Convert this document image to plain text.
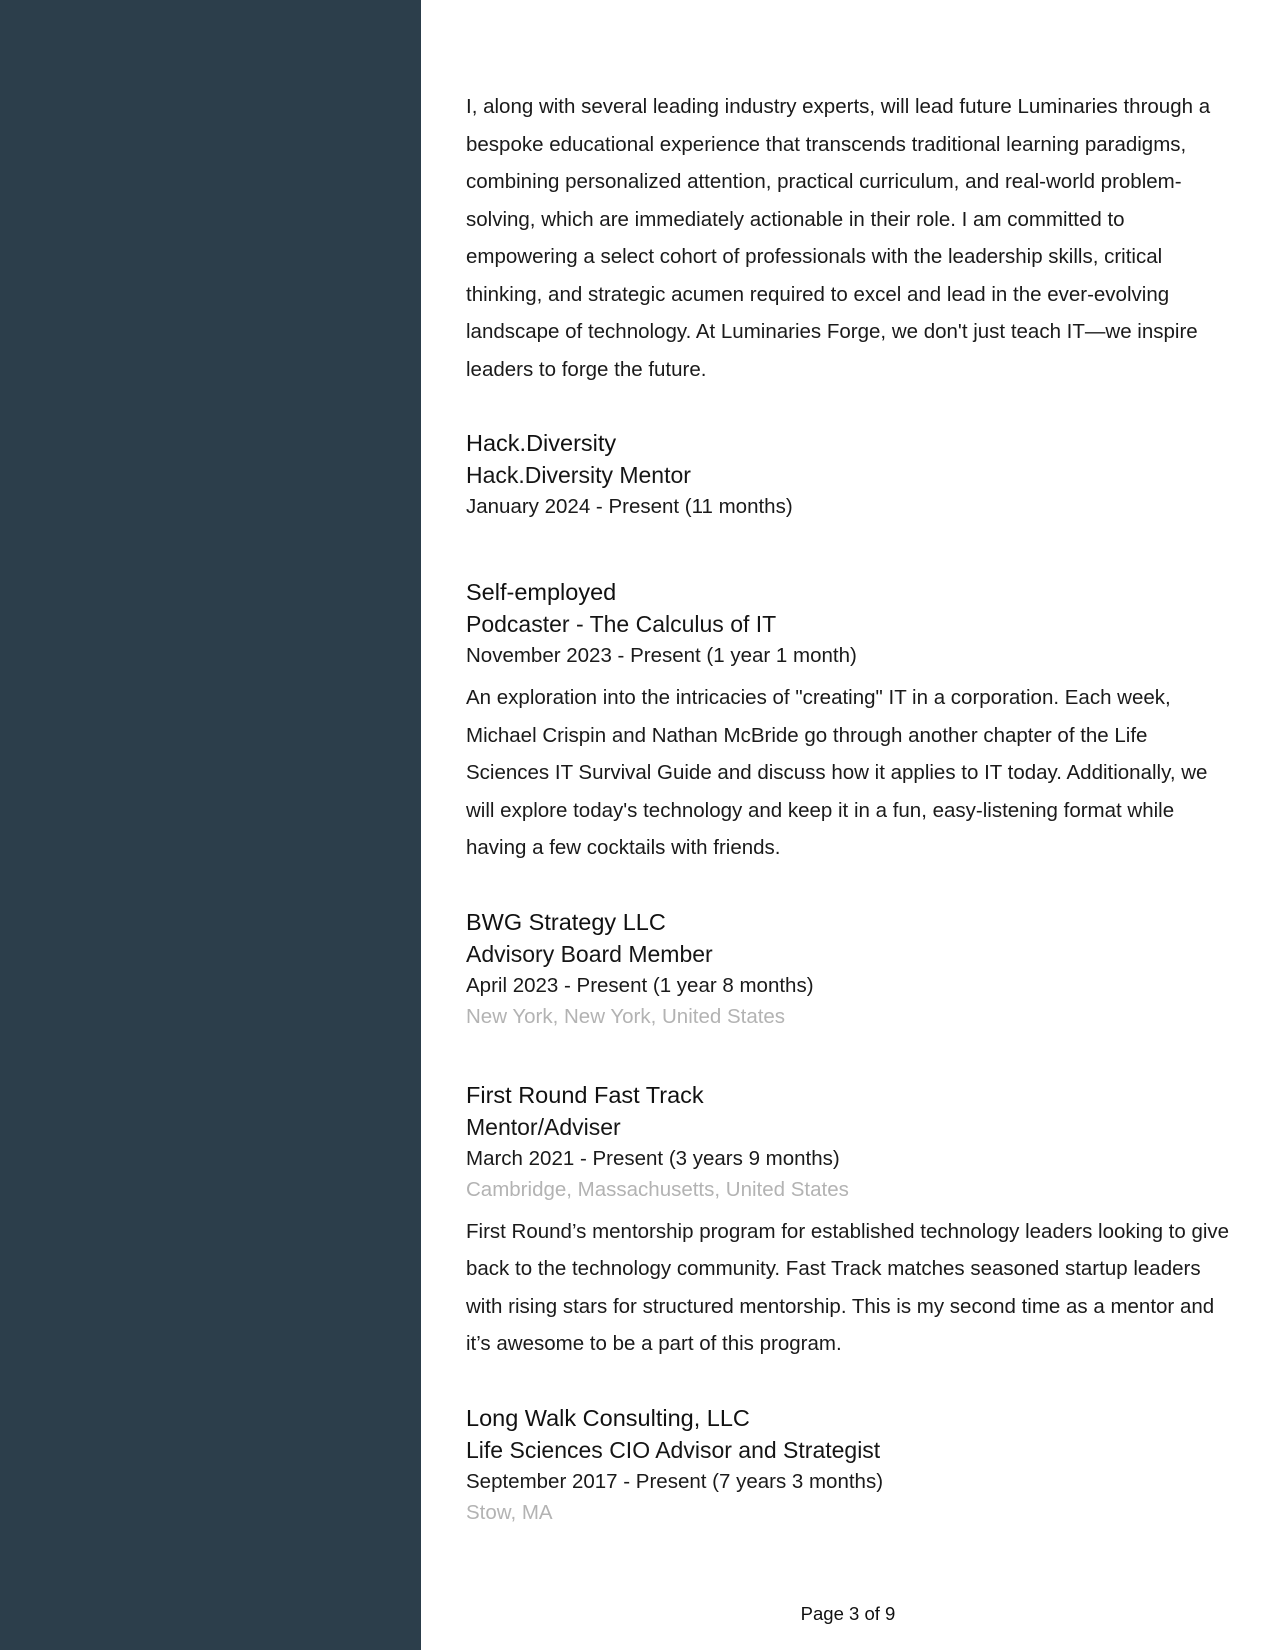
I, along with several leading industry experts, will lead future Luminaries through a bespoke educational experience that transcends traditional learning paradigms, combining personalized attention, practical curriculum, and real-world problem-solving, which are immediately actionable in their role. I am committed to empowering a select cohort of professionals with the leadership skills, critical thinking, and strategic acumen required to excel and lead in the ever-evolving landscape of technology. At Luminaries Forge, we don't just teach IT—we inspire leaders to forge the future.

Hack.Diversity

Hack.Diversity Mentor

January 2024 - Present (11 months)

Self-employed

Podcaster - The Calculus of IT

November 2023 - Present (1 year 1 month)

An exploration into the intricacies of "creating" IT in a corporation. Each week, Michael Crispin and Nathan McBride go through another chapter of the Life Sciences IT Survival Guide and discuss how it applies to IT today. Additionally, we will explore today's technology and keep it in a fun, easy-listening format while having a few cocktails with friends.

BWG Strategy LLC

Advisory Board Member

April 2023 - Present (1 year 8 months)

New York, New York, United States

First Round Fast Track

Mentor/Adviser

March 2021 - Present (3 years 9 months)

Cambridge, Massachusetts, United States

First Round’s mentorship program for established technology leaders looking to give back to the technology community. Fast Track matches seasoned startup leaders with rising stars for structured mentorship. This is my second time as a mentor and it’s awesome to be a part of this program.

Long Walk Consulting, LLC

Life Sciences CIO Advisor and Strategist

September 2017 - Present (7 years 3 months)

Stow, MA

Page 3 of 9
